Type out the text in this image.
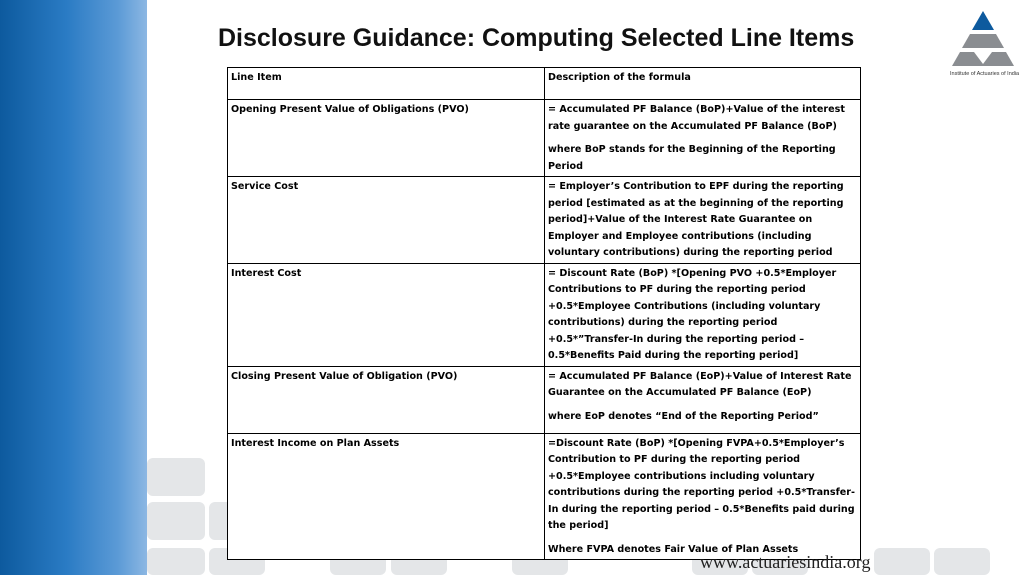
Disclosure Guidance: Computing Selected Line Items
Institute of Actuaries of India
Line Item	Description of the formula
Opening Present Value of Obligations (PVO)	= Accumulated PF Balance (BoP)+Value of the interest rate guarantee on the Accumulated PF Balance (BoP)
where BoP stands for the Beginning of the Reporting Period

Service Cost	= Employer’s Contribution to EPF during the reporting period [estimated as at the beginning of the reporting period]+Value of the Interest Rate Guarantee on Employer and Employee contributions (including voluntary contributions) during the reporting period

Interest Cost	= Discount Rate (BoP) *[Opening PVO +0.5*Employer Contributions to PF during the reporting period +0.5*Employee Contributions (including voluntary contributions) during the reporting period +0.5*”Transfer-In during the reporting period – 0.5*Benefits Paid during the reporting period]

Closing Present Value of Obligation (PVO)	= Accumulated PF Balance (EoP)+Value of Interest Rate Guarantee on the Accumulated PF Balance (EoP)
where EoP denotes “End of the Reporting Period”

Interest Income on Plan Assets	=Discount Rate (BoP) *[Opening FVPA+0.5*Employer’s Contribution to PF during the reporting period +0.5*Employee contributions including voluntary contributions during the reporting period +0.5*Transfer-In during the reporting period – 0.5*Benefits paid during the period]
Where FVPA denotes Fair Value of Plan Assets
www.actuariesindia.org
